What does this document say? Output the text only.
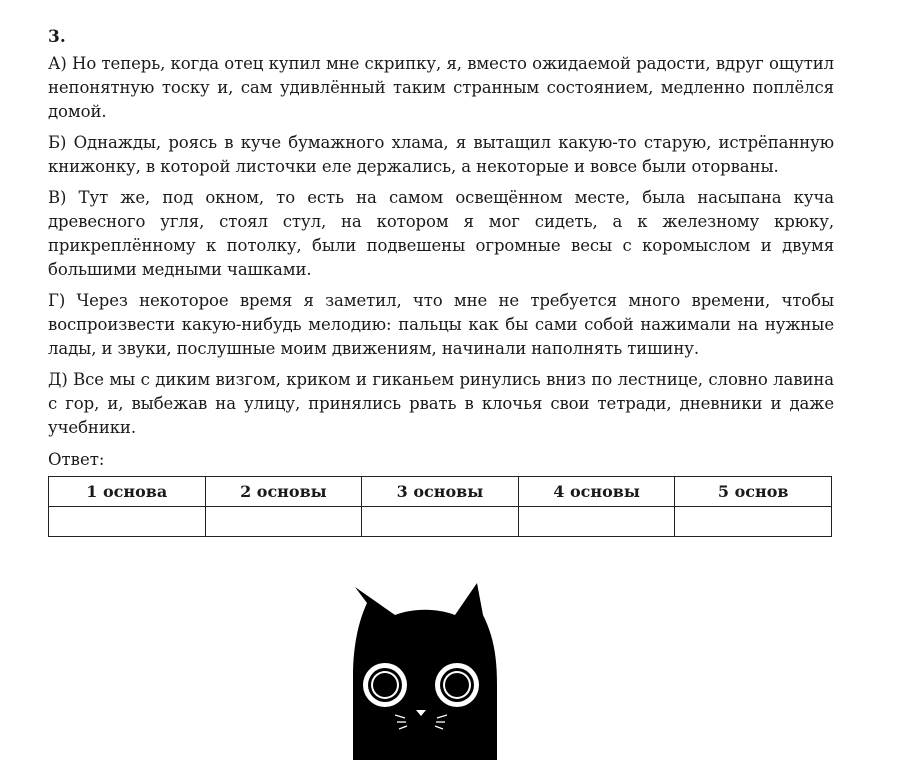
3.

А) Но теперь, когда отец купил мне скрипку, я, вместо ожидаемой радости, вдруг ощутил непонятную тоску и, сам удивлённый таким странным состоянием, медленно поплёлся домой.

Б) Однажды, роясь в куче бумажного хлама, я вытащил какую-то старую, истрёпанную книжонку, в которой листочки еле держались, а некоторые и вовсе были оторваны.

В) Тут же, под окном, то есть на самом освещённом месте, была насыпана куча древесного угля, стоял стул, на котором я мог сидеть, а к железному крюку, прикреплённому к потолку, были подвешены огромные весы с коромыслом и двумя большими медными чашками.

Г) Через некоторое время я заметил, что мне не требуется много времени, чтобы воспроизвести какую-нибудь мелодию: пальцы как бы сами собой нажимали на нужные лады, и звуки, послушные моим движениям, начинали наполнять тишину.

Д) Все мы с диким визгом, криком и гиканьем ринулись вниз по лестнице, словно лавина с гор, и, выбежав на улицу, принялись рвать в клочья свои тетради, дневники и даже учебники.

Ответ:
1 основа	2 основы	3 основы	4 основы	5 основ
